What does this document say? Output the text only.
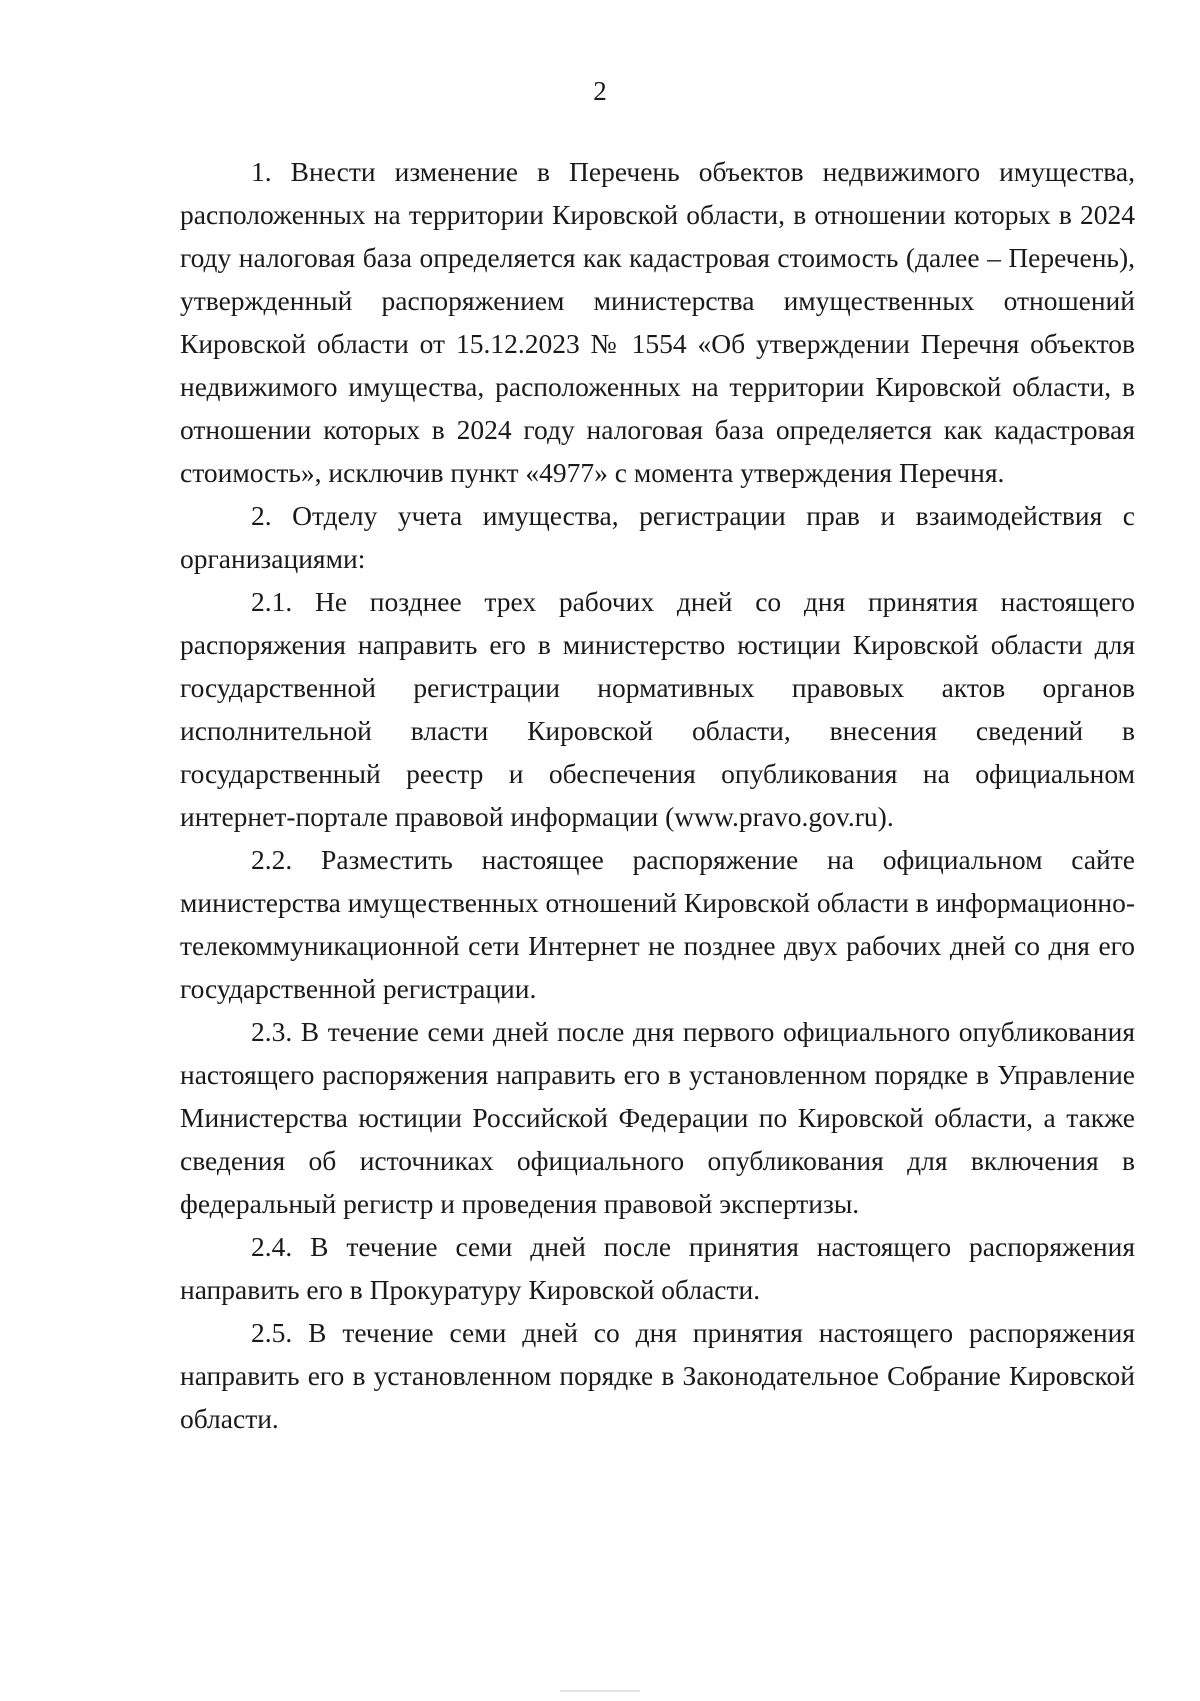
2

1. Внести изменение в Перечень объектов недвижимого имущества, расположенных на территории Кировской области, в отношении которых в 2024 году налоговая база определяется как кадастровая стоимость (далее – Перечень), утвержденный распоряжением министерства имущественных отношений Кировской области от 15.12.2023 № 1554 «Об утверждении Перечня объектов недвижимого имущества, расположенных на территории Кировской области, в отношении которых в 2024 году налоговая база определяется как кадастровая стоимость», исключив пункт «4977» с момента утверждения Перечня.

2. Отделу учета имущества, регистрации прав и взаимодействия с организациями:

2.1. Не позднее трех рабочих дней со дня принятия настоящего распоряжения направить его в министерство юстиции Кировской области для государственной регистрации нормативных правовых актов органов исполнительной власти Кировской области, внесения сведений в государственный реестр и обеспечения опубликования на официальном интернет-портале правовой информации (www.pravo.gov.ru).

2.2. Разместить настоящее распоряжение на официальном сайте министерства имущественных отношений Кировской области в информационно-телекоммуникационной сети Интернет не позднее двух рабочих дней со дня его государственной регистрации.

2.3. В течение семи дней после дня первого официального опубликования настоящего распоряжения направить его в установленном порядке в Управление Министерства юстиции Российской Федерации по Кировской области, а также сведения об источниках официального опубликования для включения в федеральный регистр и проведения правовой экспертизы.

2.4. В течение семи дней после принятия настоящего распоряжения направить его в Прокуратуру Кировской области.

2.5. В течение семи дней со дня принятия настоящего распоряжения направить его в установленном порядке в Законодательное Собрание Кировской области.
